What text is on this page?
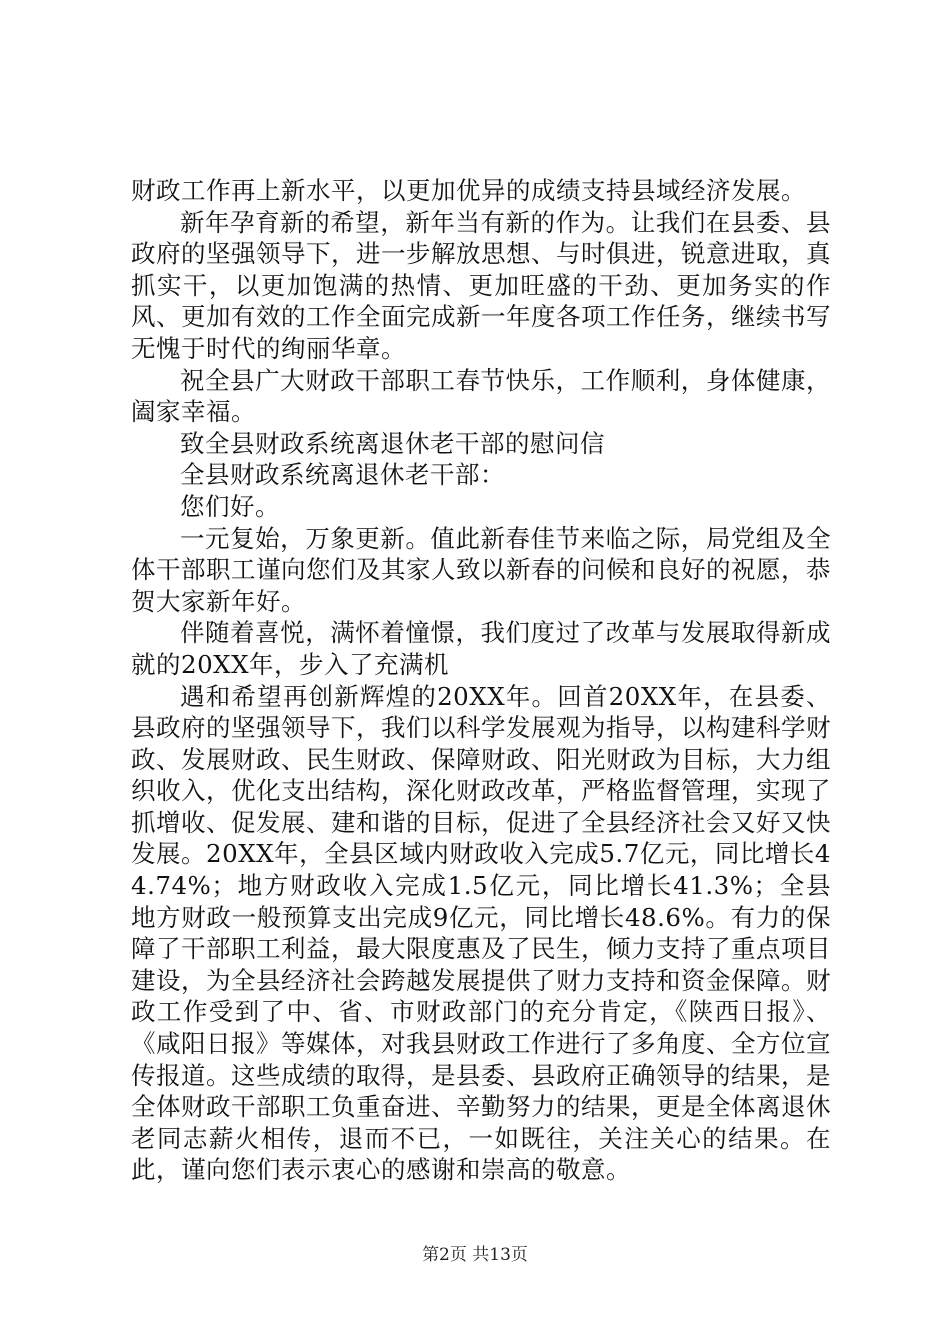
财政工作再上新水平，以更加优异的成绩支持县域经济发展。

新年孕育新的希望，新年当有新的作为。让我们在县委、县政府的坚强领导下，进一步解放思想、与时俱进，锐意进取，真抓实干，以更加饱满的热情、更加旺盛的干劲、更加务实的作风、更加有效的工作全面完成新一年度各项工作任务，继续书写无愧于时代的绚丽华章。

祝全县广大财政干部职工春节快乐，工作顺利，身体健康，阖家幸福。

致全县财政系统离退休老干部的慰问信

全县财政系统离退休老干部：

您们好。

一元复始，万象更新。值此新春佳节来临之际，局党组及全体干部职工谨向您们及其家人致以新春的问候和良好的祝愿，恭贺大家新年好。

伴随着喜悦，满怀着憧憬，我们度过了改革与发展取得新成就的20XX年，步入了充满机

遇和希望再创新辉煌的20XX年。回首20XX年，在县委、县政府的坚强领导下，我们以科学发展观为指导，以构建科学财政、发展财政、民生财政、保障财政、阳光财政为目标，大力组织收入，优化支出结构，深化财政改革，严格监督管理，实现了抓增收、促发展、建和谐的目标，促进了全县经济社会又好又快发展。20XX年，全县区域内财政收入完成5.7亿元，同比增长44.74%；地方财政收入完成1.5亿元，同比增长41.3%；全县地方财政一般预算支出完成9亿元，同比增长48.6%。有力的保障了干部职工利益，最大限度惠及了民生，倾力支持了重点项目建设，为全县经济社会跨越发展提供了财力支持和资金保障。财政工作受到了中、省、市财政部门的充分肯定，《陕西日报》、《咸阳日报》等媒体，对我县财政工作进行了多角度、全方位宣传报道。这些成绩的取得，是县委、县政府正确领导的结果，是全体财政干部职工负重奋进、辛勤努力的结果，更是全体离退休老同志薪火相传，退而不已，一如既往，关注关心的结果。在此，谨向您们表示衷心的感谢和崇高的敬意。

第2页 共13页
